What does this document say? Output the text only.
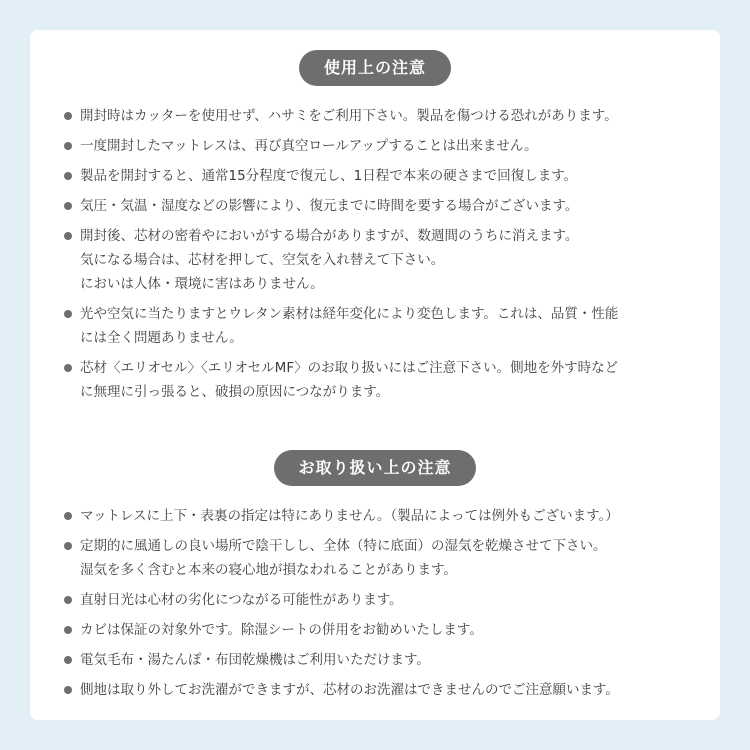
使用上の注意
開封時はカッターを使用せず、ハサミをご利用下さい。製品を傷つける恐れがあります。
一度開封したマットレスは、再び真空ロールアップすることは出来ません。
製品を開封すると、通常15分程度で復元し、1日程で本来の硬さまで回復します。
気圧・気温・湿度などの影響により、復元までに時間を要する場合がございます。
開封後、芯材の密着やにおいがする場合がありますが、数週間のうちに消えます。
気になる場合は、芯材を押して、空気を入れ替えて下さい。
においは人体・環境に害はありません。
光や空気に当たりますとウレタン素材は経年変化により変色します。これは、品質・性能
には全く問題ありません。
芯材〈エリオセル〉〈エリオセルMF〉のお取り扱いにはご注意下さい。側地を外す時など
に無理に引っ張ると、破損の原因につながります。
お取り扱い上の注意
マットレスに上下・表裏の指定は特にありません。（製品によっては例外もございます。）
定期的に風通しの良い場所で陰干しし、全体（特に底面）の湿気を乾燥させて下さい。
湿気を多く含むと本来の寝心地が損なわれることがあります。
直射日光は心材の劣化につながる可能性があります。
カビは保証の対象外です。除湿シートの併用をお勧めいたします。
電気毛布・湯たんぽ・布団乾燥機はご利用いただけます。
側地は取り外してお洗濯ができますが、芯材のお洗濯はできませんのでご注意願います。
